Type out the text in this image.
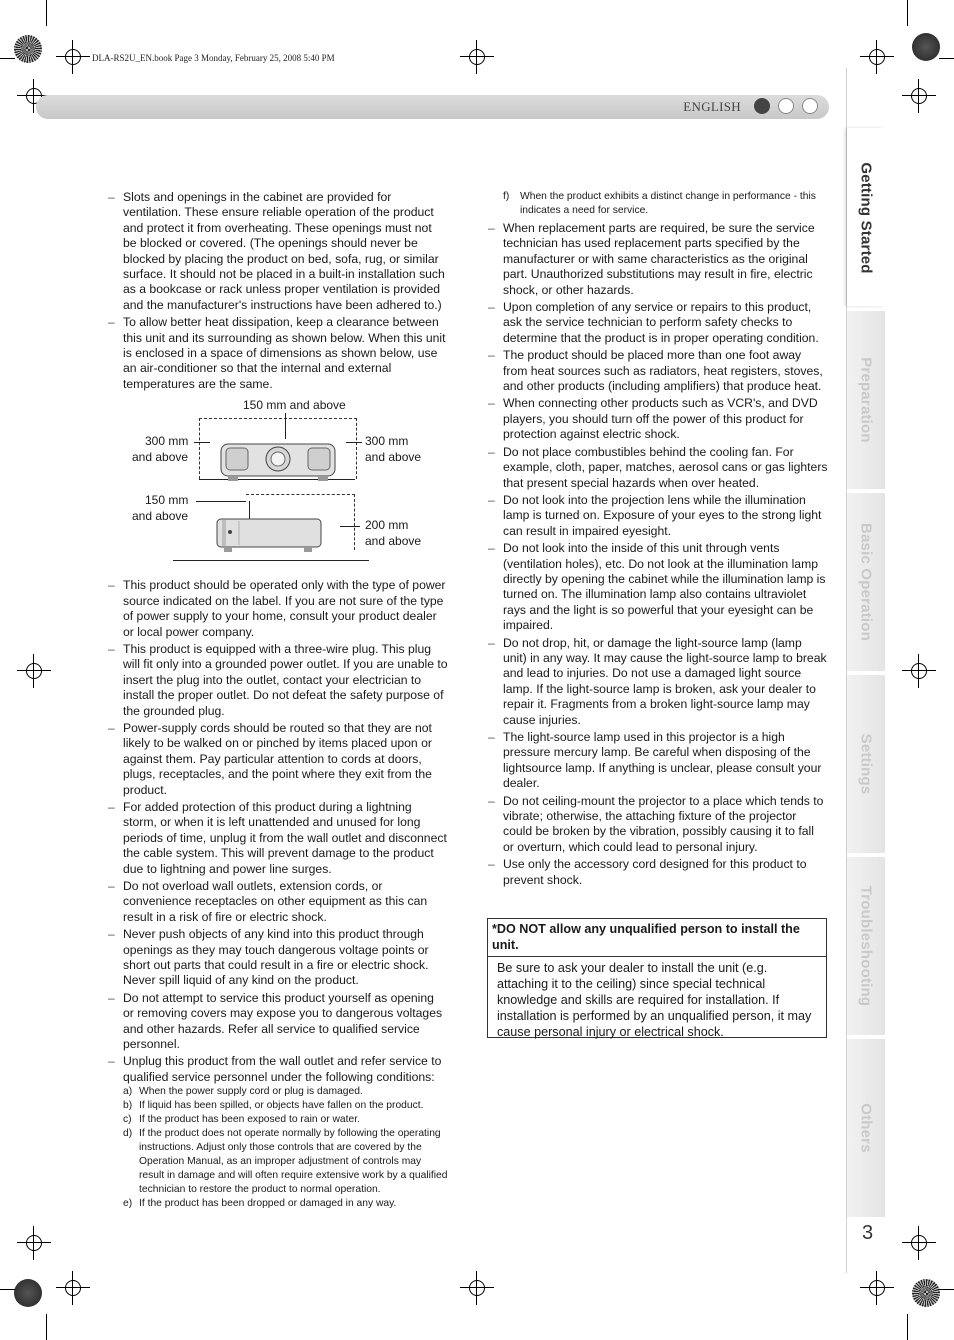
DLA-RS2U_EN.book Page 3 Monday, February 25, 2008 5:40 PM
ENGLISH
– Slots and openings in the cabinet are provided for ventilation. These ensure reliable operation of the product and protect it from overheating. These openings must not be blocked or covered. (The openings should never be blocked by placing the product on bed, sofa, rug, or similar surface. It should not be placed in a built-in installation such as a bookcase or rack unless proper ventilation is provided and the manufacturer's instructions have been adhered to.)
– To allow better heat dissipation, keep a clearance between this unit and its surrounding as shown below. When this unit is enclosed in a space of dimensions as shown below, use an air-conditioner so that the internal and external temperatures are the same.
150 mm and above
300 mm
and above
300 mm
and above
150 mm
and above
200 mm
and above
– This product should be operated only with the type of power source indicated on the label. If you are not sure of the type of power supply to your home, consult your product dealer or local power company.
– This product is equipped with a three-wire plug. This plug will fit only into a grounded power outlet. If you are unable to insert the plug into the outlet, contact your electrician to install the proper outlet. Do not defeat the safety purpose of the grounded plug.
– Power-supply cords should be routed so that they are not likely to be walked on or pinched by items placed upon or against them. Pay particular attention to cords at doors, plugs, receptacles, and the point where they exit from the product.
– For added protection of this product during a lightning storm, or when it is left unattended and unused for long periods of time, unplug it from the wall outlet and disconnect the cable system. This will prevent damage to the product due to lightning and power line surges.
– Do not overload wall outlets, extension cords, or convenience receptacles on other equipment as this can result in a risk of fire or electric shock.
– Never push objects of any kind into this product through openings as they may touch dangerous voltage points or short out parts that could result in a fire or electric shock. Never spill liquid of any kind on the product.
– Do not attempt to service this product yourself as opening or removing covers may expose you to dangerous voltages and other hazards. Refer all service to qualified service personnel.
– Unplug this product from the wall outlet and refer service to qualified service personnel under the following conditions:

a) When the power supply cord or plug is damaged.

b) If liquid has been spilled, or objects have fallen on the product.

c) If the product has been exposed to rain or water.

d) If the product does not operate normally by following the operating instructions. Adjust only those controls that are covered by the Operation Manual, as an improper adjustment of controls may result in damage and will often require extensive work by a qualified technician to restore the product to normal operation.

e) If the product has been dropped or damaged in any way.

f) When the product exhibits a distinct change in performance - this indicates a need for service.

– When replacement parts are required, be sure the service technician has used replacement parts specified by the manufacturer or with same characteristics as the original part. Unauthorized substitutions may result in fire, electric shock, or other hazards.
– Upon completion of any service or repairs to this product, ask the service technician to perform safety checks to determine that the product is in proper operating condition.
– The product should be placed more than one foot away from heat sources such as radiators, heat registers, stoves, and other products (including amplifiers) that produce heat.
– When connecting other products such as VCR's, and DVD players, you should turn off the power of this product for protection against electric shock.
– Do not place combustibles behind the cooling fan. For example, cloth, paper, matches, aerosol cans or gas lighters that present special hazards when over heated.
– Do not look into the projection lens while the illumination lamp is turned on. Exposure of your eyes to the strong light can result in impaired eyesight.
– Do not look into the inside of this unit through vents (ventilation holes), etc. Do not look at the illumination lamp directly by opening the cabinet while the illumination lamp is turned on. The illumination lamp also contains ultraviolet rays and the light is so powerful that your eyesight can be impaired.
– Do not drop, hit, or damage the light-source lamp (lamp unit) in any way. It may cause the light-source lamp to break and lead to injuries. Do not use a damaged light source lamp. If the light-source lamp is broken, ask your dealer to repair it. Fragments from a broken light-source lamp may cause injuries.
– The light-source lamp used in this projector is a high pressure mercury lamp. Be careful when disposing of the lightsource lamp. If anything is unclear, please consult your dealer.
– Do not ceiling-mount the projector to a place which tends to vibrate; otherwise, the attaching fixture of the projector could be broken by the vibration, possibly causing it to fall or overturn, which could lead to personal injury.
– Use only the accessory cord designed for this product to prevent shock.
*DO NOT allow any unqualified person to install the unit.
Be sure to ask your dealer to install the unit (e.g. attaching it to the ceiling) since special technical knowledge and skills are required for installation. If installation is performed by an unqualified person, it may cause personal injury or electrical shock.
Getting Started
Preparation
Basic Operation
Settings
Troubleshooting
Others
3
